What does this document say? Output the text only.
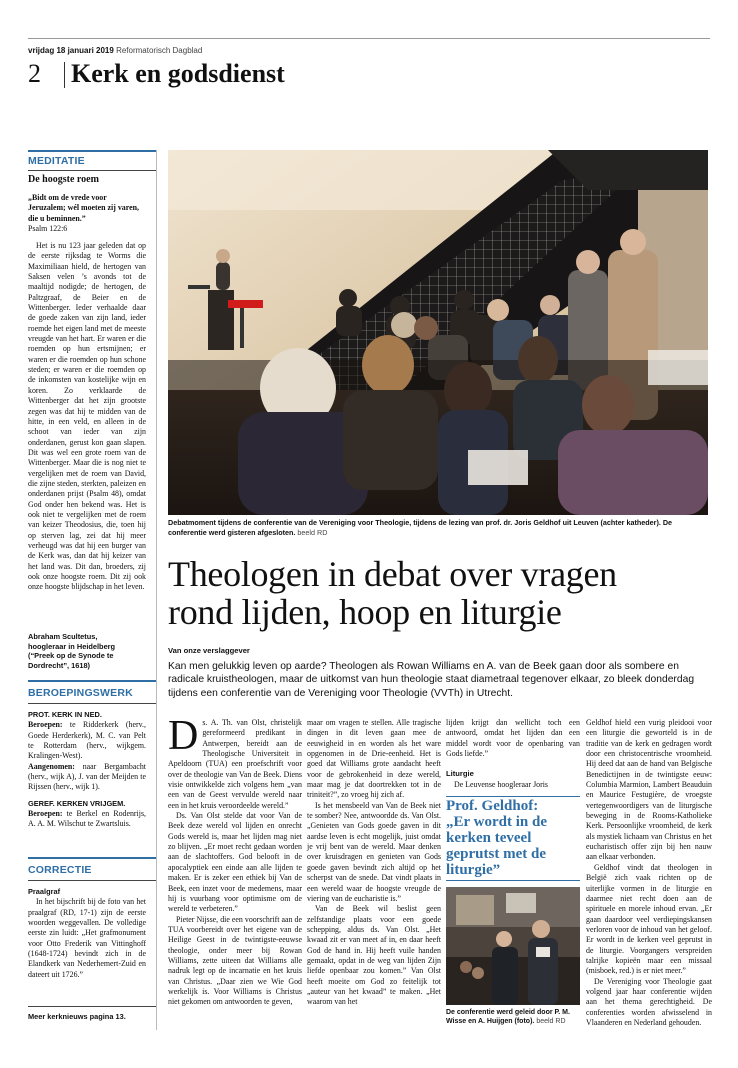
vrijdag 18 januari 2019 Reformatorisch Dagblad
2 Kerk en godsdienst
MEDITATIE
De hoogste roem
„Bidt om de vrede voor Jeruzalem; wél moeten zij varen, die u beminnen.”
Psalm 122:6

Het is nu 123 jaar geleden dat op de eerste rijksdag te Worms die Maximiliaan hield, de hertogen van Saksen velen ’s avonds tot de maaltijd nodigde; de hertogen, de Paltzgraaf, de Beier en de Wittenberger. Ieder verhaalde daar de goede zaken van zijn land, ieder roemde het eigen land met de meeste vreugde van het hart. Er waren er die roemden op hun ertsmijnen; er waren er die roemden op hun schone steden; er waren er die roemden op de inkomsten van kostelijke wijn en koren. Zo verklaarde de Wittenberger dat het zijn grootste zegen was dat hij te midden van de hitte, in een veld, en alleen in de schoot van ieder van zijn onderdanen, gerust kon gaan slapen. Dit was wel een grote roem van de Wittenberger. Maar die is nog niet te vergelijken met de roem van David, die zijne steden, sterkten, paleizen en onderdanen prijst (Psalm 48), omdat God onder hen bekend was. Het is ook niet te vergelijken met de roem van keizer Theodosius, die, toen hij op sterven lag, zei dat hij meer verheugd was dat hij een burger van de Kerk was, dan dat hij keizer van het land was. Dit dan, broeders, zij ook onze hoogste roem. Dit zij ook onze hoogste blijdschap in het leven.

Abraham Scultetus,
hoogleraar in Heidelberg
(“Preek op de Synode te Dordrecht”, 1618)
BEROEPINGSWERK

PROT. KERK IN NED.

Beroepen: te Ridderkerk (herv., Goede Herderkerk), M. C. van Pelt te Rotterdam (herv., wijkgem. Kralingen-West).

Aangenomen: naar Bergambacht (herv., wijk A), J. van der Meijden te Rijssen (herv., wijk 1).

GEREF. KERKEN VRIJGEM.

Beroepen: te Berkel en Rodenrijs, A. A. M. Wilschut te Zwartsluis.

CORRECTIE

Praalgraf

In het bijschrift bij de foto van het praalgraf (RD, 17-1) zijn de eerste woorden weggevallen. De volledige eerste zin luidt: „Het grafmonument voor Otto Frederik van Vittinghoff (1648-1724) bevindt zich in de Elandkerk van Nederhemert-Zuid en dateert uit 1726.”

Meer kerknieuws pagina 13.
Debatmoment tijdens de conferentie van de Vereniging voor Theologie, tijdens de lezing van prof. dr. Joris Geldhof uit Leuven (achter katheder). De conferentie werd gisteren afgesloten. beeld RD
Theologen in debat over vragen
rond lijden, hoop en liturgie
Van onze verslaggever
Kan men gelukkig leven op aarde? Theologen als Rowan Williams en A. van de Beek gaan door als sombere en radicale kruistheologen, maar de uitkomst van hun theologie staat diametraal tegenover elkaar, zo bleek donderdag tijdens een conferentie van de Vereniging voor Theologie (VVTh) in Utrecht.
D s. A. Th. van Olst, christelijk gereformeerd predikant in Antwerpen, bereidt aan de Theologische Universiteit in Apeldoorn (TUA) een proefschrift voor over de theologie van Van de Beek. Diens visie ontwikkelde zich volgens hem „van een van de Geest vervulde wereld naar een in het kruis veroordeelde wereld.”

Ds. Van Olst stelde dat voor Van de Beek deze wereld vol lijden en onrecht Gods wereld is, maar het lijden mag niet zo blijven. „Er moet recht gedaan worden aan de slachtoffers. God belooft in de apocalyptiek een einde aan alle lijden te maken. Er is zeker een ethiek bij Van de Beek, een inzet voor de medemens, maar hij is vuurbang voor optimisme om de wereld te verbeteren.”

Pieter Nijsse, die een voorschrift aan de TUA voorbereidt over het eigene van de Heilige Geest in de twintigste-eeuwse theologie, onder meer bij Rowan Williams, zette uiteen dat Williams alle nadruk legt op de incarnatie en het kruis van Christus. „Daar zien we Wie God werkelijk is. Voor Williams is Christus niet gekomen om antwoorden te geven,

maar om vragen te stellen. Alle tragische dingen in dit leven gaan mee de eeuwigheid in en worden als het ware opgenomen in de Drie-eenheid. Het is goed dat Williams grote aandacht heeft voor de gebrokenheid in deze wereld, maar mag je dat doortrekken tot in de triniteit?”, zo vroeg hij zich af.

Is het mensbeeld van Van de Beek niet te somber? Nee, antwoordde ds. Van Olst. „Genieten van Gods goede gaven in dit aardse leven is echt mogelijk, juist omdat je vrij bent van de wereld. Maar denken over kruisdragen en genieten van Gods goede gaven bevindt zich altijd op het scherpst van de snede. Dat vindt plaats in een wereld waar de hoogste vreugde de viering van de eucharistie is.”

Van de Beek wil beslist geen zelfstandige plaats voor een goede schepping, aldus ds. Van Olst. „Het kwaad zit er van meet af in, en daar heeft God de hand in. Hij heeft vuile handen gemaakt, opdat in de weg van lijden Zijn liefde openbaar zou komen.” Van Olst heeft moeite om God zo feitelijk tot „auteur van het kwaad” te maken. „Het waarom van het

lijden krijgt dan wellicht toch een antwoord, omdat het lijden dan een middel wordt voor de openbaring van Gods liefde.”

Liturgie

De Leuvense hoogleraar Joris

Prof. Geldhof:
„Er wordt in de
kerken teveel
geprutst met de
liturgie”
De conferentie werd geleid door P. M. Wisse en A. Huijgen (foto). beeld RD

Geldhof hield een vurig pleidooi voor een liturgie die geworteld is in de traditie van de kerk en gedragen wordt door een christocentrische vroomheid. Hij deed dat aan de hand van Belgische Benedictijnen in de twintigste eeuw: Columbia Marmion, Lambert Beauduin en Maurice Festugière, de vroegste vertegenwoordigers van de liturgische beweging in de Rooms-Katholieke Kerk. Persoonlijke vroomheid, de kerk als mystiek lichaam van Christus en het eucharistisch offer zijn bij hen nauw aan elkaar verbonden.

Geldhof vindt dat theologen in België zich vaak richten op de uiterlijke vormen in de liturgie en daarmee niet recht doen aan de spirituele en morele inhoud ervan. „Er gaan daardoor veel verdiepingskansen verloren voor de inhoud van het geloof. Er wordt in de kerken veel geprutst in de liturgie. Voorgangers verspreiden talrijke kopieën maar een missaal (misboek, red.) is er niet meer.”

De Vereniging voor Theologie gaat volgend jaar haar conferentie wijden aan het thema gerechtigheid. De conferenties worden afwisselend in Vlaanderen en Nederland gehouden.
